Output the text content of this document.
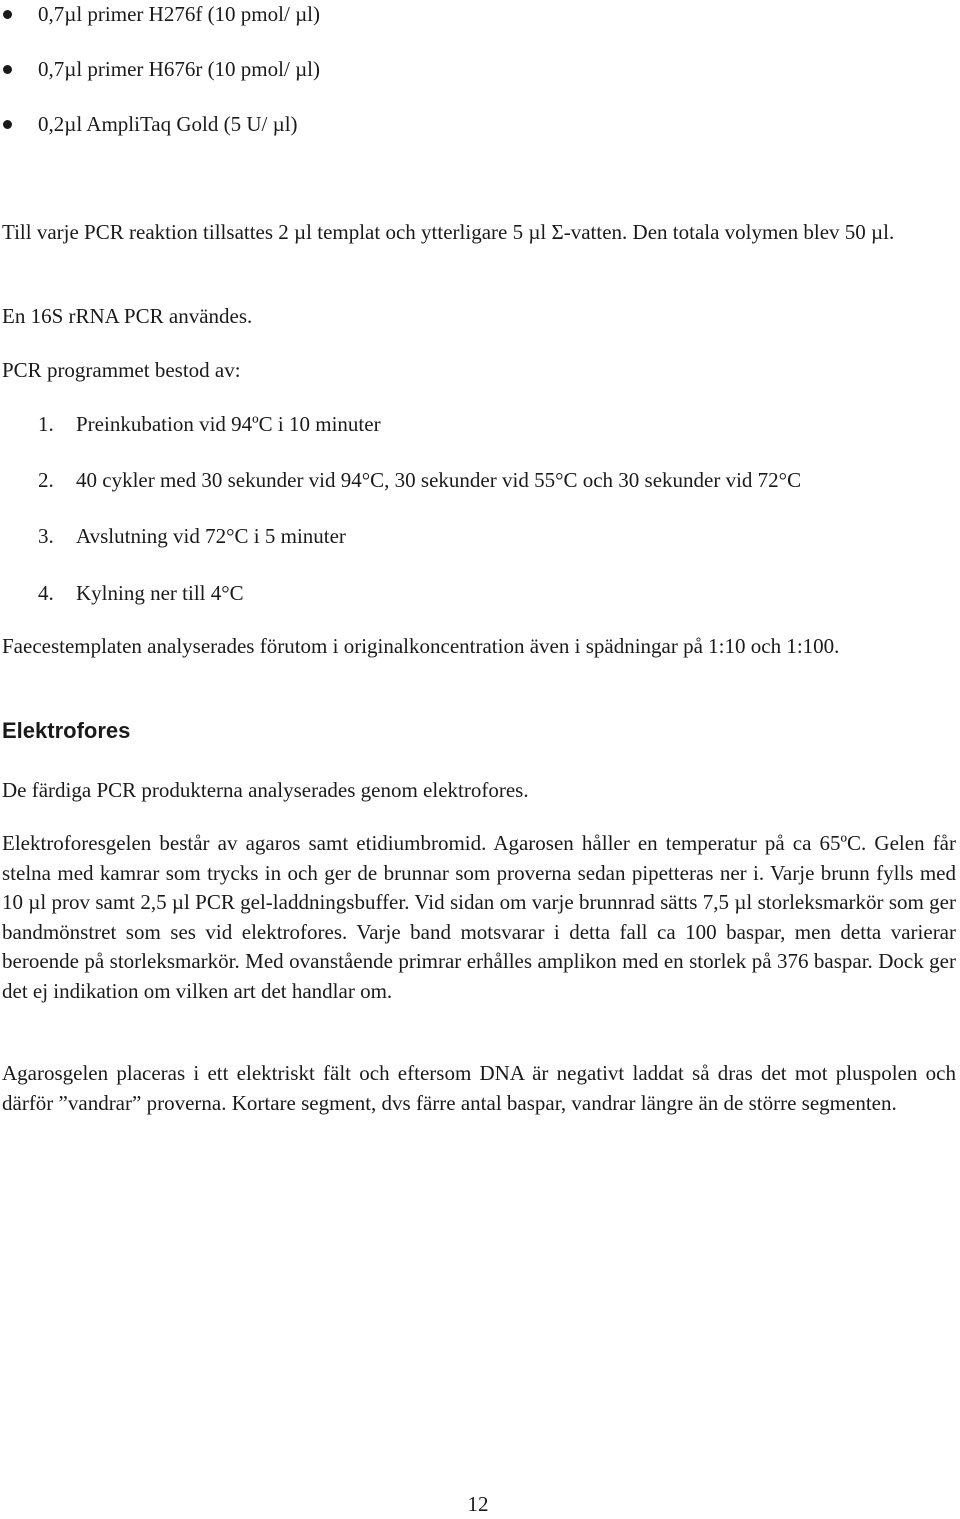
0,7µl primer H276f (10 pmol/ µl)
0,7µl primer H676r (10 pmol/ µl)
0,2µl AmpliTaq Gold (5 U/ µl)

Till varje PCR reaktion tillsattes 2 µl templat och ytterligare 5 µl Σ-vatten. Den totala volymen blev 50 µl.

En 16S rRNA PCR användes.

PCR programmet bestod av:

1. Preinkubation vid 94ºC i 10 minuter
2. 40 cykler med 30 sekunder vid 94°C, 30 sekunder vid 55°C och 30 sekunder vid 72°C
3. Avslutning vid 72°C i 5 minuter
4. Kylning ner till 4°C

Faecestemplaten analyserades förutom i originalkoncentration även i spädningar på 1:10 och 1:100.

Elektrofores

De färdiga PCR produkterna analyserades genom elektrofores.

Elektroforesgelen består av agaros samt etidiumbromid. Agarosen håller en temperatur på ca 65ºC. Gelen får stelna med kamrar som trycks in och ger de brunnar som proverna sedan pipetteras ner i. Varje brunn fylls med 10 µl prov samt 2,5 µl PCR gel-laddningsbuffer. Vid sidan om varje brunnrad sätts 7,5 µl storleksmarkör som ger bandmönstret som ses vid elektrofores. Varje band motsvarar i detta fall ca 100 baspar, men detta varierar beroende på storleksmarkör. Med ovanstående primrar erhålles amplikon med en storlek på 376 baspar. Dock ger det ej indikation om vilken art det handlar om.

Agarosgelen placeras i ett elektriskt fält och eftersom DNA är negativt laddat så dras det mot pluspolen och därför ”vandrar” proverna. Kortare segment, dvs färre antal baspar, vandrar längre än de större segmenten.

12
